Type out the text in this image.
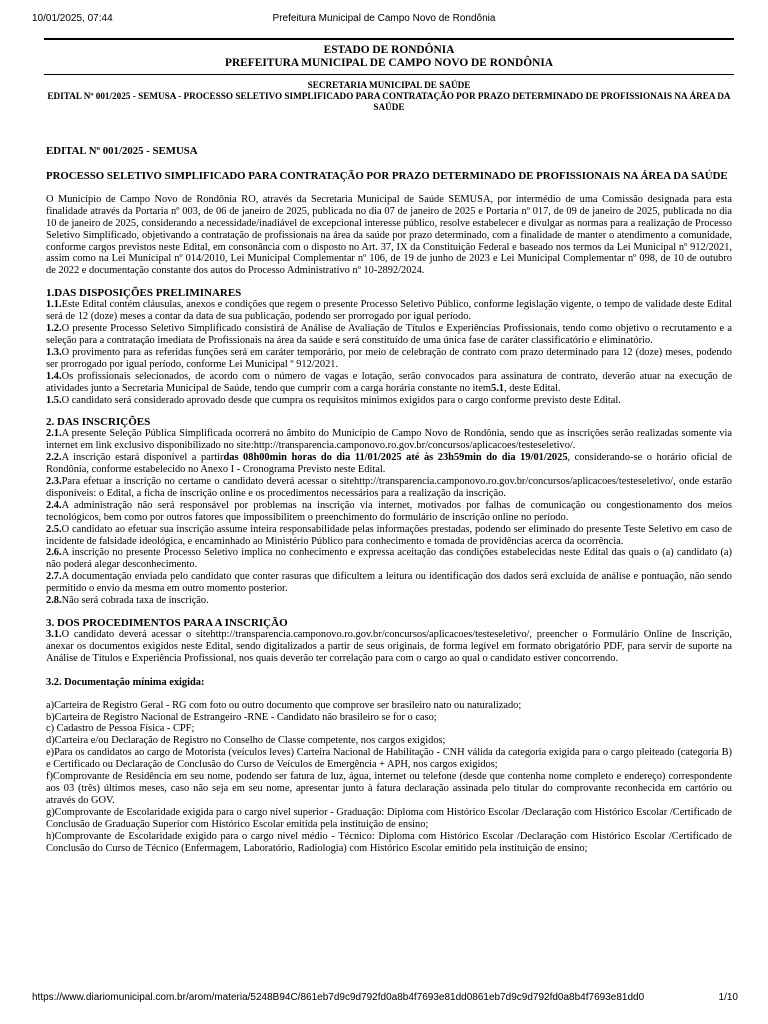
10/01/2025, 07:44	Prefeitura Municipal de Campo Novo de Rondônia
ESTADO DE RONDÔNIA
PREFEITURA MUNICIPAL DE CAMPO NOVO DE RONDÔNIA
SECRETARIA MUNICIPAL DE SAÚDE
EDITAL Nº 001/2025 - SEMUSA - PROCESSO SELETIVO SIMPLIFICADO PARA CONTRATAÇÃO POR PRAZO DETERMINADO DE PROFISSIONAIS NA ÁREA DA SAÚDE
EDITAL Nº 001/2025 - SEMUSA
PROCESSO SELETIVO SIMPLIFICADO PARA CONTRATAÇÃO POR PRAZO DETERMINADO DE PROFISSIONAIS NA ÁREA DA SAÚDE

O Município de Campo Novo de Rondônia RO, através da Secretaria Municipal de Saúde SEMUSA, por intermédio de uma Comissão designada para esta finalidade através da Portaria nº 003, de 06 de janeiro de 2025, publicada no dia 07 de janeiro de 2025 e Portaria nº 017, de 09 de janeiro de 2025, publicada no dia 10 de janeiro de 2025, considerando a necessidade/inadiável de excepcional interesse público, resolve estabelecer e divulgar as normas para a realização de Processo Seletivo Simplificado, objetivando a contratação de profissionais na área da saúde por prazo determinado, com a finalidade de manter o atendimento a comunidade, conforme cargos previstos neste Edital, em consonância com o disposto no Art. 37, IX da Constituição Federal e baseado nos termos da Lei Municipal nº 912/2021, assim como na Lei Municipal nº 014/2010, Lei Municipal Complementar nº 106, de 19 de junho de 2023 e Lei Municipal Complementar nº 098, de 10 de outubro de 2022 e documentação constante dos autos do Processo Administrativo nº 10-2892/2024.

1.DAS DISPOSIÇÕES PRELIMINARES

1.1.Este Edital contém cláusulas, anexos e condições que regem o presente Processo Seletivo Público, conforme legislação vigente, o tempo de validade deste Edital será de 12 (doze) meses a contar da data de sua publicação, podendo ser prorrogado por igual período.

1.2.O presente Processo Seletivo Simplificado consistirá de Análise de Avaliação de Títulos e Experiências Profissionais, tendo como objetivo o recrutamento e a seleção para a contratação imediata de Profissionais na área da saúde e será constituído de uma única fase de caráter classificatório e eliminatório.

1.3.O provimento para as referidas funções será em caráter temporário, por meio de celebração de contrato com prazo determinado para 12 (doze) meses, podendo ser prorrogado por igual período, conforme Lei Municipal º 912/2021.

1.4.Os profissionais selecionados, de acordo com o número de vagas e lotação, serão convocados para assinatura de contrato, deverão atuar na execução de atividades junto a Secretaria Municipal de Saúde, tendo que cumprir com a carga horária constante no item5.1, deste Edital.

1.5.O candidato será considerado aprovado desde que cumpra os requisitos mínimos exigidos para o cargo conforme previsto deste Edital.

2. DAS INSCRIÇÕES

2.1.A presente Seleção Pública Simplificada ocorrerá no âmbito do Município de Campo Novo de Rondônia, sendo que as inscrições serão realizadas somente via internet em link exclusivo disponibilizado no site:http://transparencia.camponovo.ro.gov.br/concursos/aplicacoes/testeseletivo/.

2.2.A inscrição estará disponível a partirdas 08h00min horas do dia 11/01/2025 até às 23h59min do dia 19/01/2025, considerando-se o horário oficial de Rondônia, conforme estabelecido no Anexo I - Cronograma Previsto neste Edital.

2.3.Para efetuar a inscrição no certame o candidato deverá acessar o sitehttp://transparencia.camponovo.ro.gov.br/concursos/aplicacoes/testeseletivo/, onde estarão disponíveis: o Edital, a ficha de inscrição online e os procedimentos necessários para a realização da inscrição.

2.4.A administração não será responsável por problemas na inscrição via internet, motivados por falhas de comunicação ou congestionamento dos meios tecnológicos, bem como por outros fatores que impossibilitem o preenchimento do formulário de inscrição online no período.

2.5.O candidato ao efetuar sua inscrição assume inteira responsabilidade pelas informações prestadas, podendo ser eliminado do presente Teste Seletivo em caso de incidente de falsidade ideológica, e encaminhado ao Ministério Público para conhecimento e tomada de providências acerca da ocorrência.

2.6.A inscrição no presente Processo Seletivo implica no conhecimento e expressa aceitação das condições estabelecidas neste Edital das quais o (a) candidato (a) não poderá alegar desconhecimento.

2.7.A documentação enviada pelo candidato que conter rasuras que dificultem a leitura ou identificação dos dados será excluída de análise e pontuação, não sendo permitido o envio da mesma em outro momento posterior.

2.8.Não será cobrada taxa de inscrição.

3. DOS PROCEDIMENTOS PARA A INSCRIÇÃO

3.1.O candidato deverá acessar o sitehttp://transparencia.camponovo.ro.gov.br/concursos/aplicacoes/testeseletivo/, preencher o Formulário Online de Inscrição, anexar os documentos exigidos neste Edital, sendo digitalizados a partir de seus originais, de forma legível em formato obrigatório PDF, para servir de suporte na Análise de Títulos e Experiência Profissional, nos quais deverão ter correlação para com o cargo ao qual o candidato estiver concorrendo.

3.2. Documentação mínima exigida:

a)Carteira de Registro Geral - RG com foto ou outro documento que comprove ser brasileiro nato ou naturalizado;

b)Carteira de Registro Nacional de Estrangeiro -RNE - Candidato não brasileiro se for o caso;

c) Cadastro de Pessoa Física - CPF;

d)Carteira e/ou Declaração de Registro no Conselho de Classe competente, nos cargos exigidos;

e)Para os candidatos ao cargo de Motorista (veículos leves) Carteira Nacional de Habilitação - CNH válida da categoria exigida para o cargo pleiteado (categoria B) e Certificado ou Declaração de Conclusão do Curso de Veículos de Emergência + APH, nos cargos exigidos;

f)Comprovante de Residência em seu nome, podendo ser fatura de luz, água, internet ou telefone (desde que contenha nome completo e endereço) correspondente aos 03 (três) últimos meses, caso não seja em seu nome, apresentar junto à fatura declaração assinada pelo titular do comprovante reconhecida em cartório ou através do GOV.

g)Comprovante de Escolaridade exigida para o cargo nível superior - Graduação: Diploma com Histórico Escolar /Declaração com Histórico Escolar /Certificado de Conclusão de Graduação Superior com Histórico Escolar emitida pela instituição de ensino;

h)Comprovante de Escolaridade exigido para o cargo nível médio - Técnico: Diploma com Histórico Escolar /Declaração com Histórico Escolar /Certificado de Conclusão do Curso de Técnico (Enfermagem, Laboratório, Radiologia) com Histórico Escolar emitido pela instituição de ensino;

https://www.diariomunicipal.com.br/arom/materia/5248B94C/861eb7d9c9d792fd0a8b4f7693e81dd0861eb7d9c9d792fd0a8b4f7693e81dd0	1/10
